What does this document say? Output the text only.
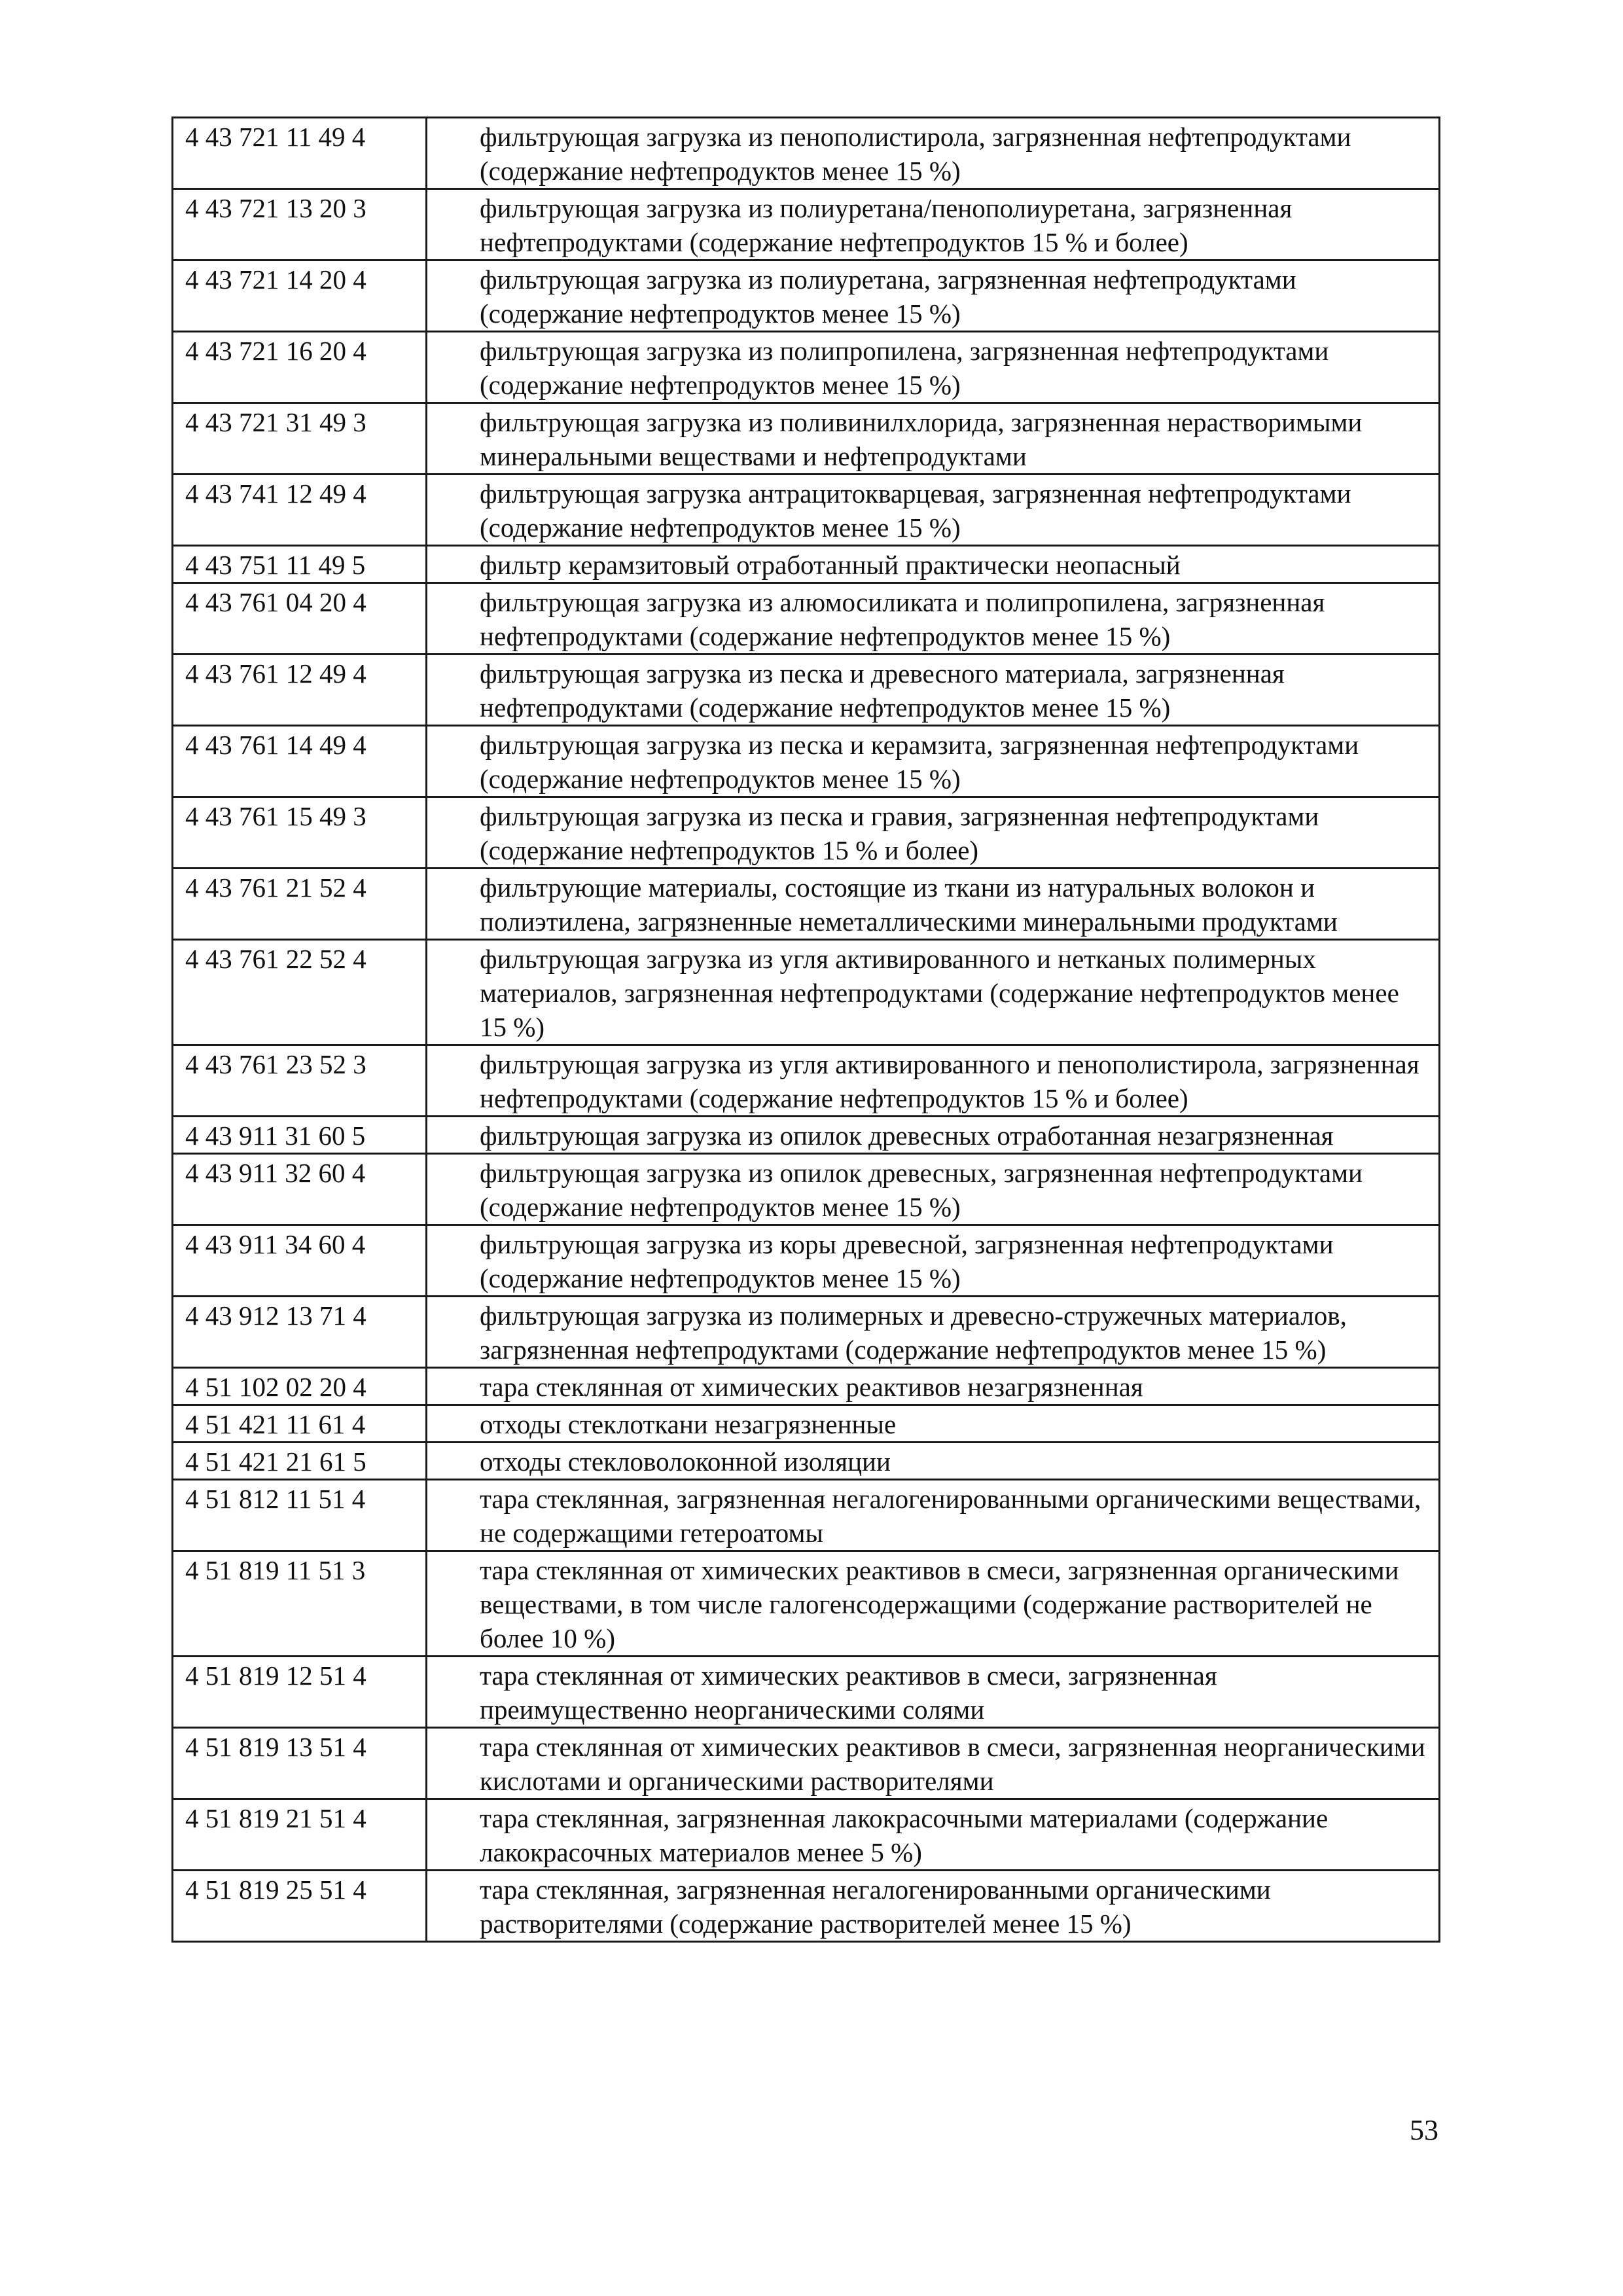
4 43 721 11 49 4	фильтрующая загрузка из пенополистирола, загрязненная нефтепродуктами (содержание нефтепродуктов менее 15 %)
4 43 721 13 20 3	фильтрующая загрузка из полиуретана/пенополиуретана, загрязненная нефтепродуктами (содержание нефтепродуктов 15 % и более)
4 43 721 14 20 4	фильтрующая загрузка из полиуретана, загрязненная нефтепродуктами (содержание нефтепродуктов менее 15 %)
4 43 721 16 20 4	фильтрующая загрузка из полипропилена, загрязненная нефтепродуктами (содержание нефтепродуктов менее 15 %)
4 43 721 31 49 3	фильтрующая загрузка из поливинилхлорида, загрязненная нерастворимыми минеральными веществами и нефтепродуктами
4 43 741 12 49 4	фильтрующая загрузка антрацитокварцевая, загрязненная нефтепродуктами (содержание нефтепродуктов менее 15 %)
4 43 751 11 49 5	фильтр керамзитовый отработанный практически неопасный
4 43 761 04 20 4	фильтрующая загрузка из алюмосиликата и полипропилена, загрязненная нефтепродуктами (содержание нефтепродуктов менее 15 %)
4 43 761 12 49 4	фильтрующая загрузка из песка и древесного материала, загрязненная нефтепродуктами (содержание нефтепродуктов менее 15 %)
4 43 761 14 49 4	фильтрующая загрузка из песка и керамзита, загрязненная нефтепродуктами (содержание нефтепродуктов менее 15 %)
4 43 761 15 49 3	фильтрующая загрузка из песка и гравия, загрязненная нефтепродуктами (содержание нефтепродуктов 15 % и более)
4 43 761 21 52 4	фильтрующие материалы, состоящие из ткани из натуральных волокон и полиэтилена, загрязненные неметаллическими минеральными продуктами
4 43 761 22 52 4	фильтрующая загрузка из угля активированного и нетканых полимерных материалов, загрязненная нефтепродуктами (содержание нефтепродуктов менее 15 %)
4 43 761 23 52 3	фильтрующая загрузка из угля активированного и пенополистирола, загрязненная нефтепродуктами (содержание нефтепродуктов 15 % и более)
4 43 911 31 60 5	фильтрующая загрузка из опилок древесных отработанная незагрязненная
4 43 911 32 60 4	фильтрующая загрузка из опилок древесных, загрязненная нефтепродуктами (содержание нефтепродуктов менее 15 %)
4 43 911 34 60 4	фильтрующая загрузка из коры древесной, загрязненная нефтепродуктами (содержание нефтепродуктов менее 15 %)
4 43 912 13 71 4	фильтрующая загрузка из полимерных и древесно-стружечных материалов, загрязненная нефтепродуктами (содержание нефтепродуктов менее 15 %)
4 51 102 02 20 4	тара стеклянная от химических реактивов незагрязненная
4 51 421 11 61 4	отходы стеклоткани незагрязненные
4 51 421 21 61 5	отходы стекловолоконной изоляции
4 51 812 11 51 4	тара стеклянная, загрязненная негалогенированными органическими веществами, не содержащими гетероатомы
4 51 819 11 51 3	тара стеклянная от химических реактивов в смеси, загрязненная органическими веществами, в том числе галогенсодержащими (содержание растворителей не более 10 %)
4 51 819 12 51 4	тара стеклянная от химических реактивов в смеси, загрязненная преимущественно неорганическими солями
4 51 819 13 51 4	тара стеклянная от химических реактивов в смеси, загрязненная неорганическими кислотами и органическими растворителями
4 51 819 21 51 4	тара стеклянная, загрязненная лакокрасочными материалами (содержание лакокрасочных материалов менее 5 %)
4 51 819 25 51 4	тара стеклянная, загрязненная негалогенированными органическими растворителями (содержание растворителей менее 15 %)
53
